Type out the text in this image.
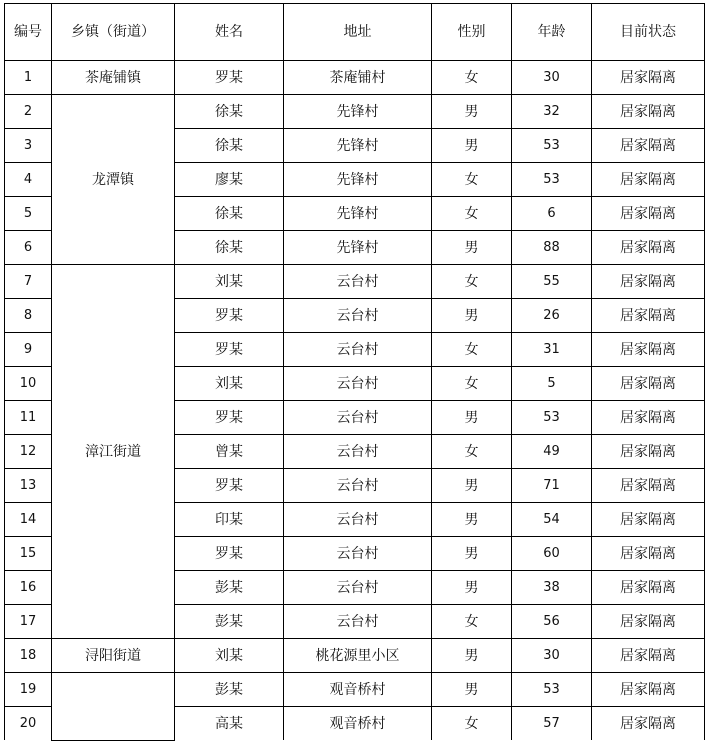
编号	乡镇（街道）	姓名	地址	性别	年龄	目前状态
1	茶庵铺镇	罗某	茶庵铺村	女	30	居家隔离
2	龙潭镇	徐某	先锋村	男	32	居家隔离
3		徐某	先锋村	男	53	居家隔离
4		廖某	先锋村	女	53	居家隔离
5		徐某	先锋村	女	6	居家隔离
6		徐某	先锋村	男	88	居家隔离
7	漳江街道	刘某	云台村	女	55	居家隔离
8		罗某	云台村	男	26	居家隔离
9		罗某	云台村	女	31	居家隔离
10		刘某	云台村	女	5	居家隔离
11		罗某	云台村	男	53	居家隔离
12		曾某	云台村	女	49	居家隔离
13		罗某	云台村	男	71	居家隔离
14		印某	云台村	男	54	居家隔离
15		罗某	云台村	男	60	居家隔离
16		彭某	云台村	男	38	居家隔离
17		彭某	云台村	女	56	居家隔离
18	浔阳街道	刘某	桃花源里小区	男	30	居家隔离
19		彭某	观音桥村	男	53	居家隔离
20		高某	观音桥村	女	57	居家隔离
